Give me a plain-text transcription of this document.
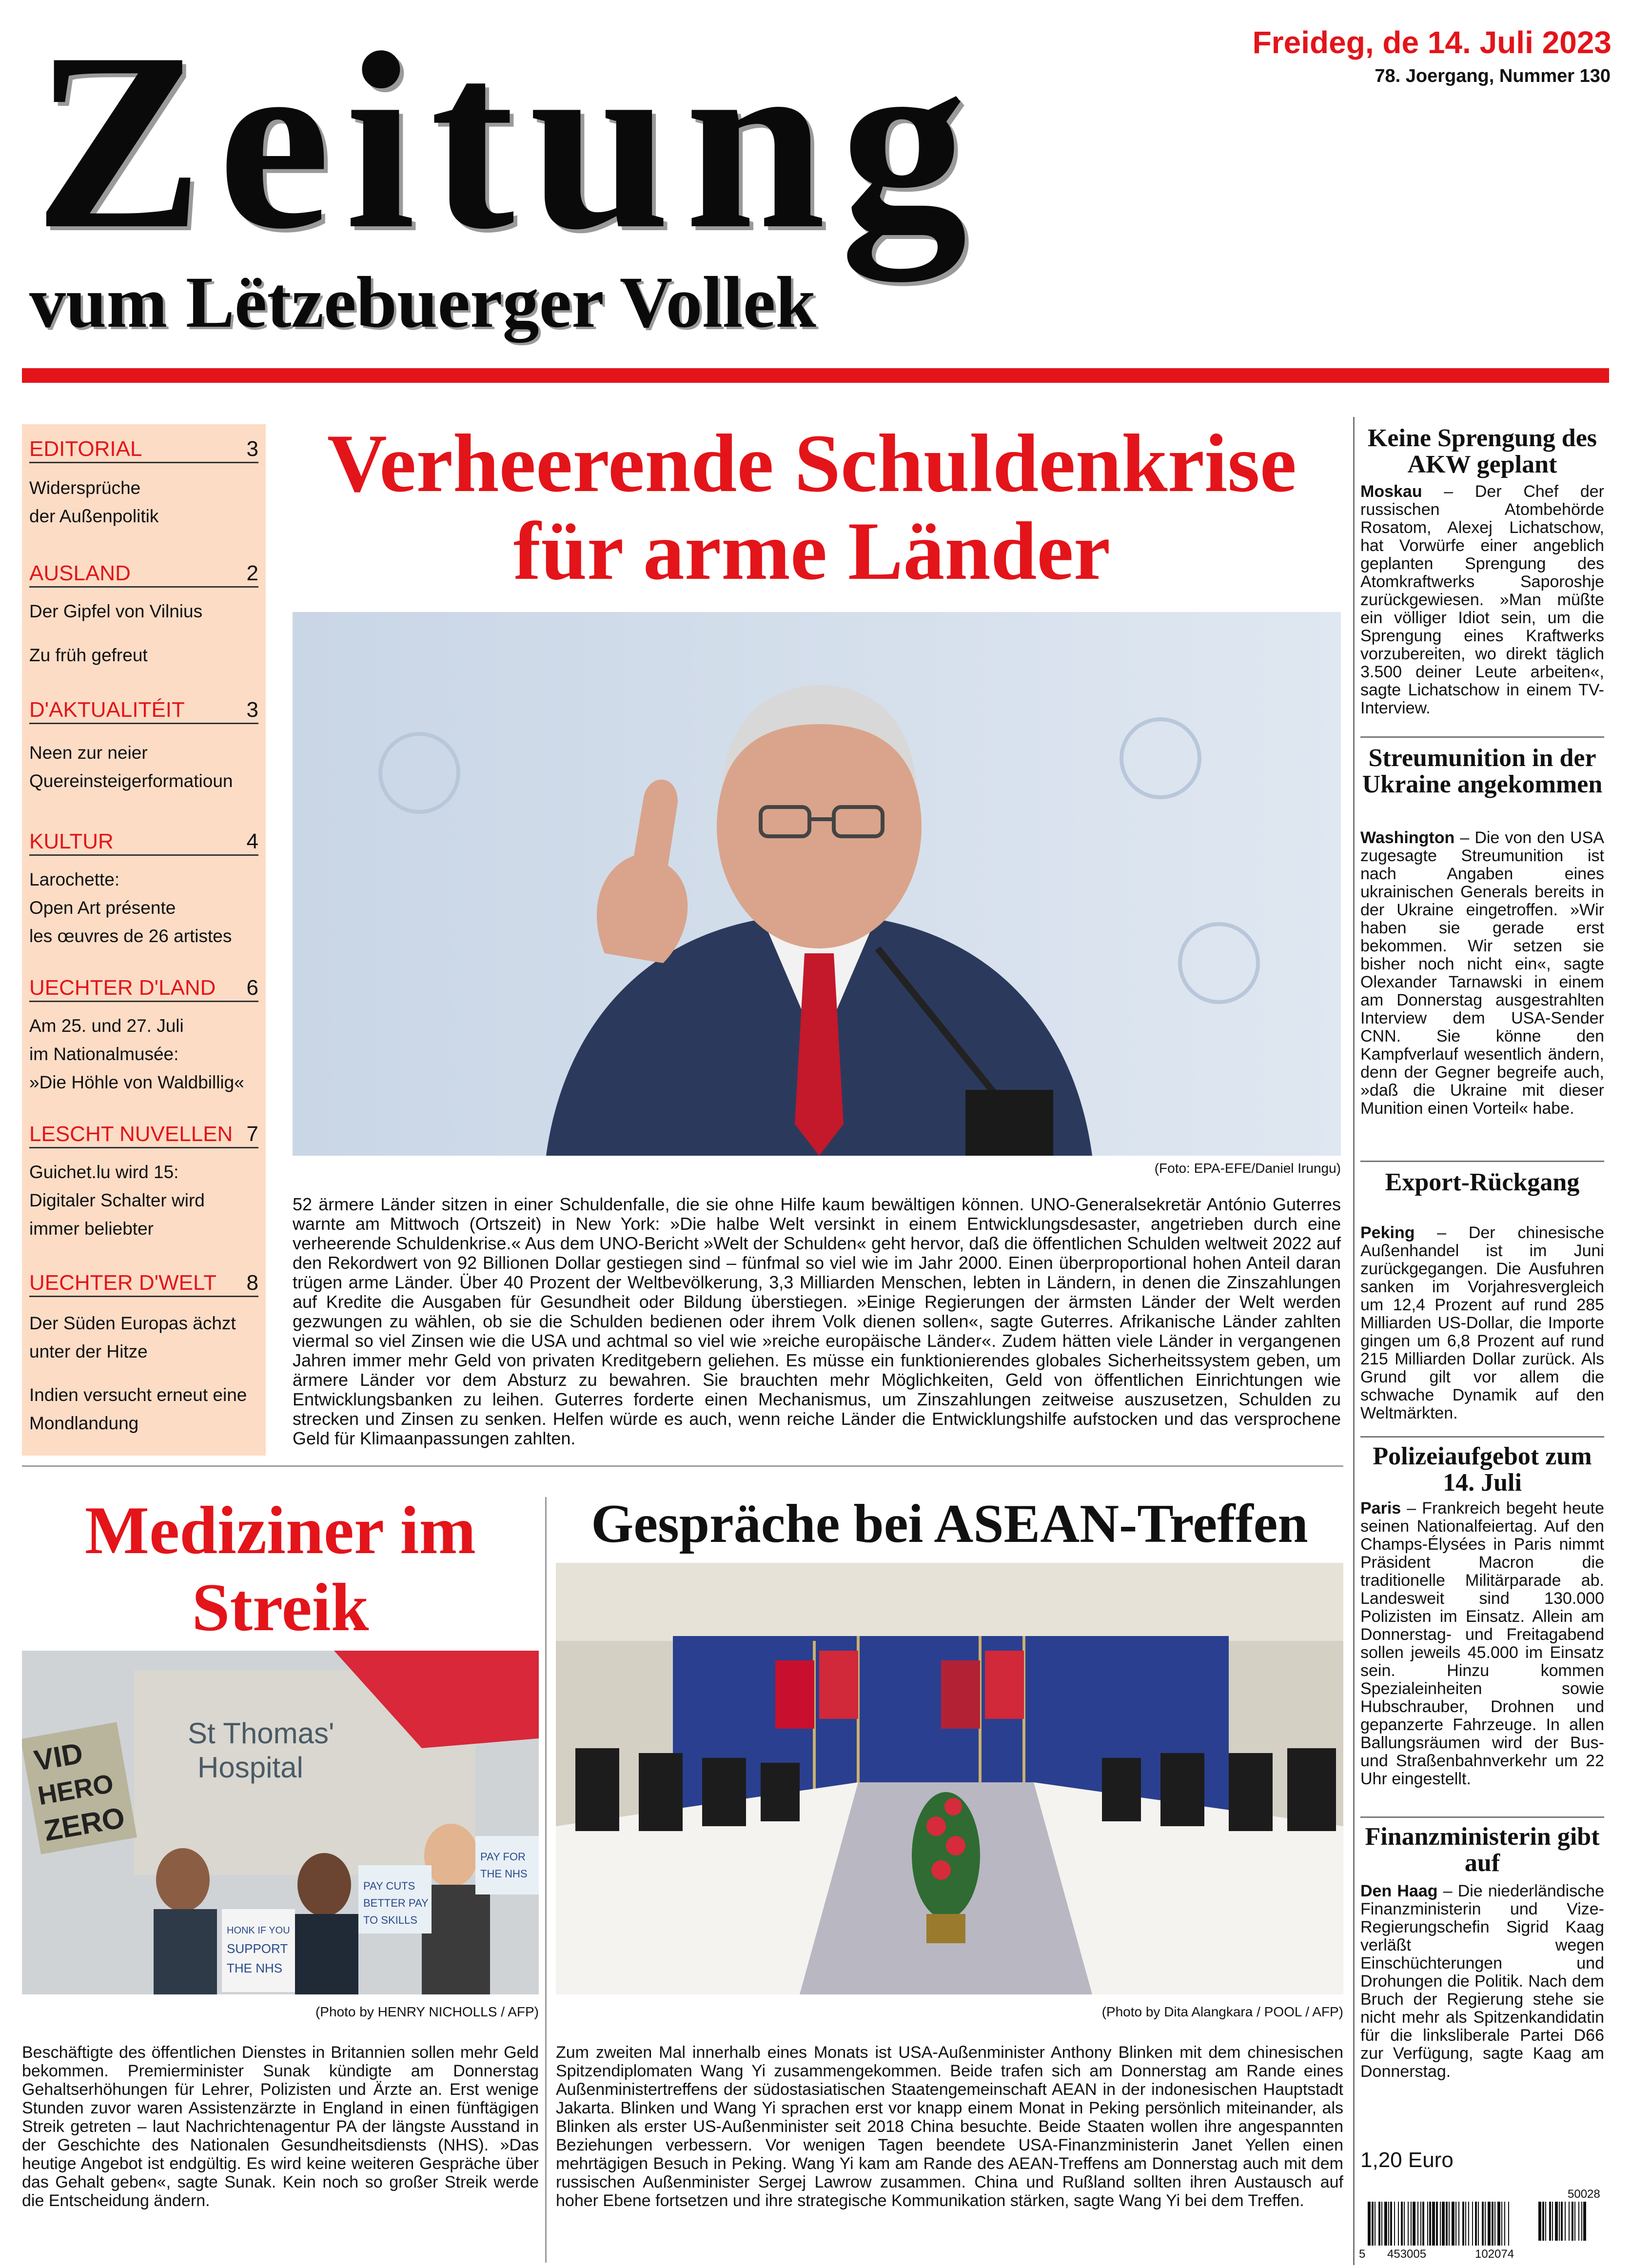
Zeitung
vum Lëtzebuerger Vollek
Freideg, de 14. Juli 2023
78. Joergang, Nummer 130
EDITORIAL	3
Widersprüche
der Außenpolitik
AUSLAND	2
Der Gipfel von Vilnius
Zu früh gefreut
D'AKTUALITÉIT	3
Neen zur neier
Quereinsteigerformatioun
KULTUR	4
Larochette:
Open Art présente
les œuvres de 26 artistes
UECHTER D'LAND 6
Am 25. und 27. Juli
im Nationalmusée:
»Die Höhle von Waldbillig«
LESCHT NUVELLEN 7
Guichet.lu wird 15:
Digitaler Schalter wird
immer beliebter
UECHTER D'WELT 8
Der Süden Europas ächzt
unter der Hitze
Indien versucht erneut eine
Mondlandung
Verheerende Schuldenkrise für arme Länder
(Foto: EPA-EFE/Daniel Irungu)
52 ärmere Länder sitzen in einer Schuldenfalle, die sie ohne Hilfe kaum bewältigen können. UNO-Generalsekretär António Guterres warnte am Mittwoch (Ortszeit) in New York: »Die halbe Welt versinkt in einem Entwicklungsdesaster, angetrieben durch eine verheerende Schuldenkrise.« Aus dem UNO-Bericht »Welt der Schulden« geht hervor, daß die öffentlichen Schulden weltweit 2022 auf den Rekordwert von 92 Billionen Dollar gestiegen sind – fünfmal so viel wie im Jahr 2000. Einen überproportional hohen Anteil daran trügen arme Länder. Über 40 Prozent der Weltbevölkerung, 3,3 Milliarden Menschen, lebten in Ländern, in denen die Zinszahlungen auf Kredite die Ausgaben für Gesundheit oder Bildung überstiegen. »Einige Regierungen der ärmsten Länder der Welt werden gezwungen zu wählen, ob sie die Schulden bedienen oder ihrem Volk dienen sollen«, sagte Guterres. Afrikanische Länder zahlten viermal so viel Zinsen wie die USA und achtmal so viel wie »reiche europäische Länder«. Zudem hätten viele Länder in vergangenen Jahren immer mehr Geld von privaten Kreditgebern geliehen. Es müsse ein funktionierendes globales Sicherheitssystem geben, um ärmere Länder vor dem Absturz zu bewahren. Sie brauchten mehr Möglichkeiten, Geld von öffentlichen Einrichtungen wie Entwicklungsbanken zu leihen. Guterres forderte einen Mechanismus, um Zinszahlungen zeitweise auszusetzen, Schulden zu strecken und Zinsen zu senken. Helfen würde es auch, wenn reiche Länder die Entwicklungshilfe aufstocken und das versprochene Geld für Klimaanpassungen zahlten.
Keine Sprengung des AKW geplant
Moskau – Der Chef der russischen Atombehörde Rosatom, Alexej Lichatschow, hat Vorwürfe einer angeblich geplanten Sprengung des Atomkraftwerks Saporoshje zurückgewiesen. »Man müßte ein völliger Idiot sein, um die Sprengung eines Kraftwerks vorzubereiten, wo direkt täglich 3.500 deiner Leute arbeiten«, sagte Lichatschow in einem TV-Interview.
Streumunition in der Ukraine angekommen
Washington – Die von den USA zugesagte Streumunition ist nach Angaben eines ukrainischen Generals bereits in der Ukraine eingetroffen. »Wir haben sie gerade erst bekommen. Wir setzen sie bisher noch nicht ein«, sagte Olexander Tarnawski in einem am Donnerstag ausgestrahlten Interview dem USA-Sender CNN. Sie könne den Kampfverlauf wesentlich ändern, denn der Gegner begreife auch, »daß die Ukraine mit dieser Munition einen Vorteil« habe.
Export-Rückgang
Peking – Der chinesische Außenhandel ist im Juni zurückgegangen. Die Ausfuhren sanken im Vorjahresvergleich um 12,4 Prozent auf rund 285 Milliarden US-Dollar, die Importe gingen um 6,8 Prozent auf rund 215 Milliarden Dollar zurück. Als Grund gilt vor allem die schwache Dynamik auf den Weltmärkten.
Polizeiaufgebot zum 14. Juli
Paris – Frankreich begeht heute seinen Nationalfeiertag. Auf den Champs-Élysées in Paris nimmt Präsident Macron die traditionelle Militärparade ab. Landesweit sind 130.000 Polizisten im Einsatz. Allein am Donnerstag- und Freitagabend sollen jeweils 45.000 im Einsatz sein. Hinzu kommen Spezialeinheiten sowie Hubschrauber, Drohnen und gepanzerte Fahrzeuge. In allen Ballungsräumen wird der Bus- und Straßenbahnverkehr um 22 Uhr eingestellt.
Finanzministerin gibt auf
Den Haag – Die niederländische Finanzministerin und Vize-Regierungschefin Sigrid Kaag verläßt wegen Einschüchterungen und Drohungen die Politik. Nach dem Bruch der Regierung stehe sie nicht mehr als Spitzenkandidatin für die linksliberale Partei D66 zur Verfügung, sagte Kaag am Donnerstag.
Mediziner im Streik
St Thomas'
Hospital
VID
HERO
ZERO
HONK IF YOU
SUPPORT
THE NHS
PAY CUTS
BETTER PAY
TO SKILLS
PAY FOR
THE NHS
(Photo by HENRY NICHOLLS / AFP)
Beschäftigte des öffentlichen Dienstes in Britannien sollen mehr Geld bekommen. Premierminister Sunak kündigte am Donnerstag Gehaltserhöhungen für Lehrer, Polizisten und Ärzte an. Erst wenige Stunden zuvor waren Assistenzärzte in England in einen fünftägigen Streik getreten – laut Nachrichtenagentur PA der längste Ausstand in der Geschichte des Nationalen Gesundheitsdiensts (NHS). »Das heutige Angebot ist endgültig. Es wird keine weiteren Gespräche über das Gehalt geben«, sagte Sunak. Kein noch so großer Streik werde die Entscheidung ändern.
Gespräche bei ASEAN-Treffen
(Photo by Dita Alangkara / POOL / AFP)
Zum zweiten Mal innerhalb eines Monats ist USA-Außenminister Anthony Blinken mit dem chinesischen Spitzendiplomaten Wang Yi zusammengekommen. Beide trafen sich am Donnerstag am Rande eines Außenministertreffens der südostasiatischen Staatengemeinschaft AEAN in der indonesischen Hauptstadt Jakarta. Blinken und Wang Yi sprachen erst vor knapp einem Monat in Peking persönlich miteinander, als Blinken als erster US-Außenminister seit 2018 China besuchte. Beide Staaten wollen ihre angespannten Beziehungen verbessern. Vor wenigen Tagen beendete USA-Finanzministerin Janet Yellen einen mehrtägigen Besuch in Peking. Wang Yi kam am Rande des AEAN-Treffens am Donnerstag auch mit dem russischen Außenminister Sergej Lawrow zusammen. China und Rußland sollten ihren Austausch auf hoher Ebene fortsetzen und ihre strategische Kommunikation stärken, sagte Wang Yi bei dem Treffen.
1,20 Euro
50028
5 453005	102074
